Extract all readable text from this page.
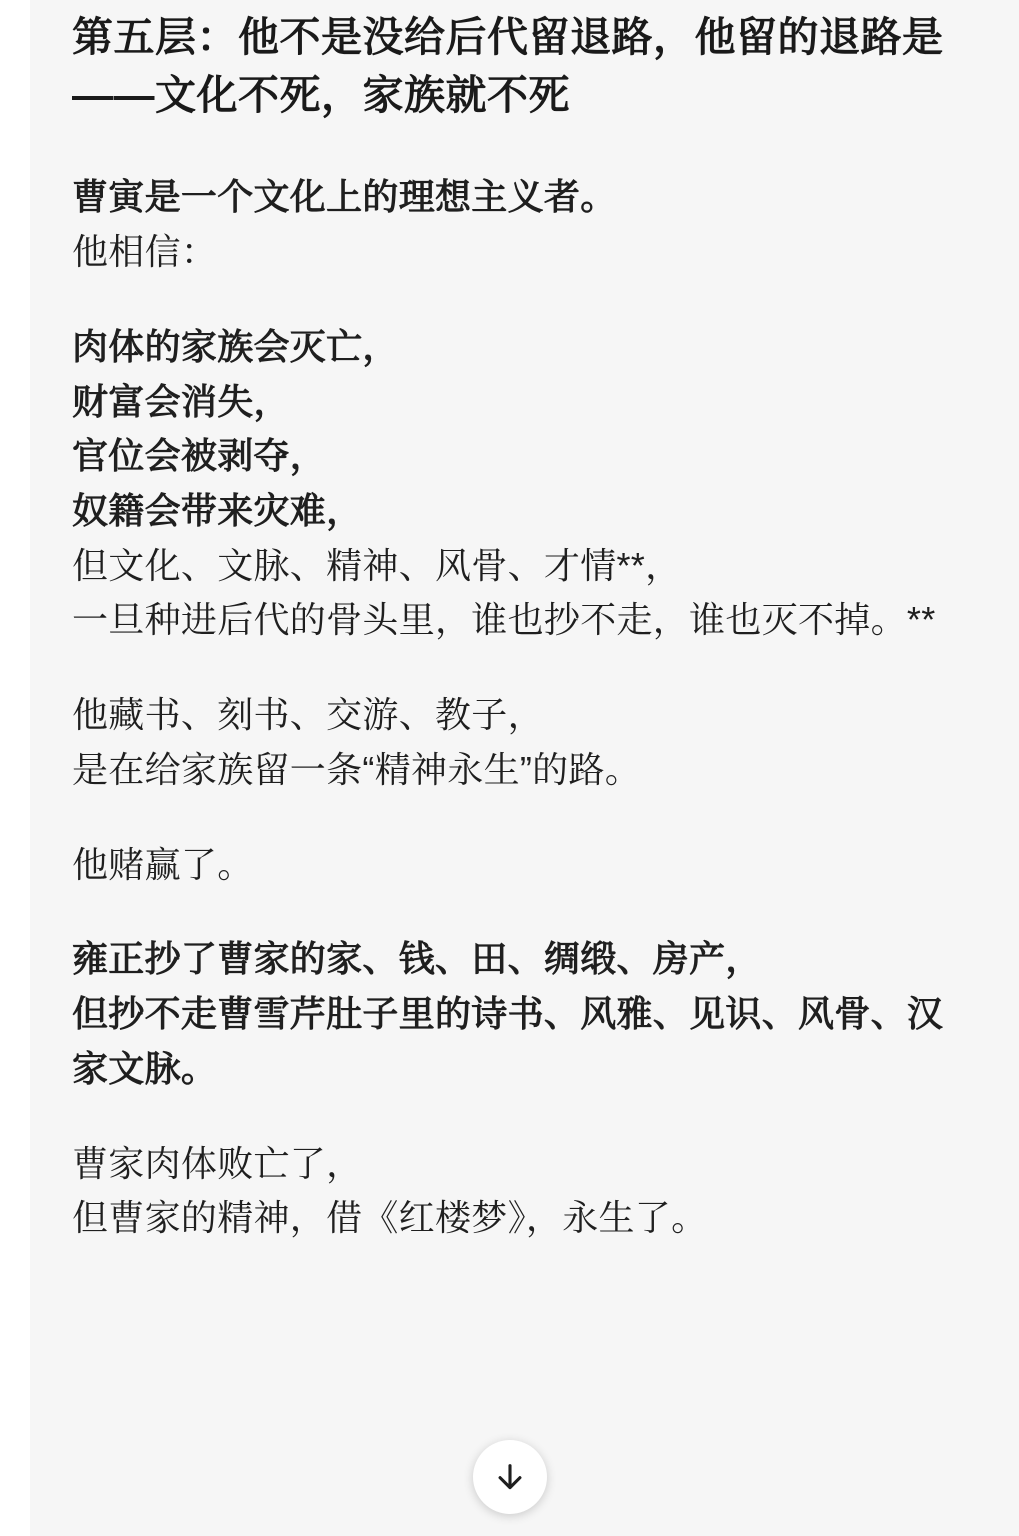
第五层：他不是没给后代留退路，他留的退路是——文化不死，家族就不死

曹寅是一个文化上的理想主义者。
他相信：

肉体的家族会灭亡，
财富会消失，
官位会被剥夺，
奴籍会带来灾难，
但文化、文脉、精神、风骨、才情**，
一旦种进后代的骨头里，谁也抄不走，谁也灭不掉。**

他藏书、刻书、交游、教子，
是在给家族留一条“精神永生”的路。

他赌赢了。

雍正抄了曹家的家、钱、田、绸缎、房产，
但抄不走曹雪芹肚子里的诗书、风雅、见识、风骨、汉家文脉。

曹家肉体败亡了，
但曹家的精神，借《红楼梦》，永生了。
